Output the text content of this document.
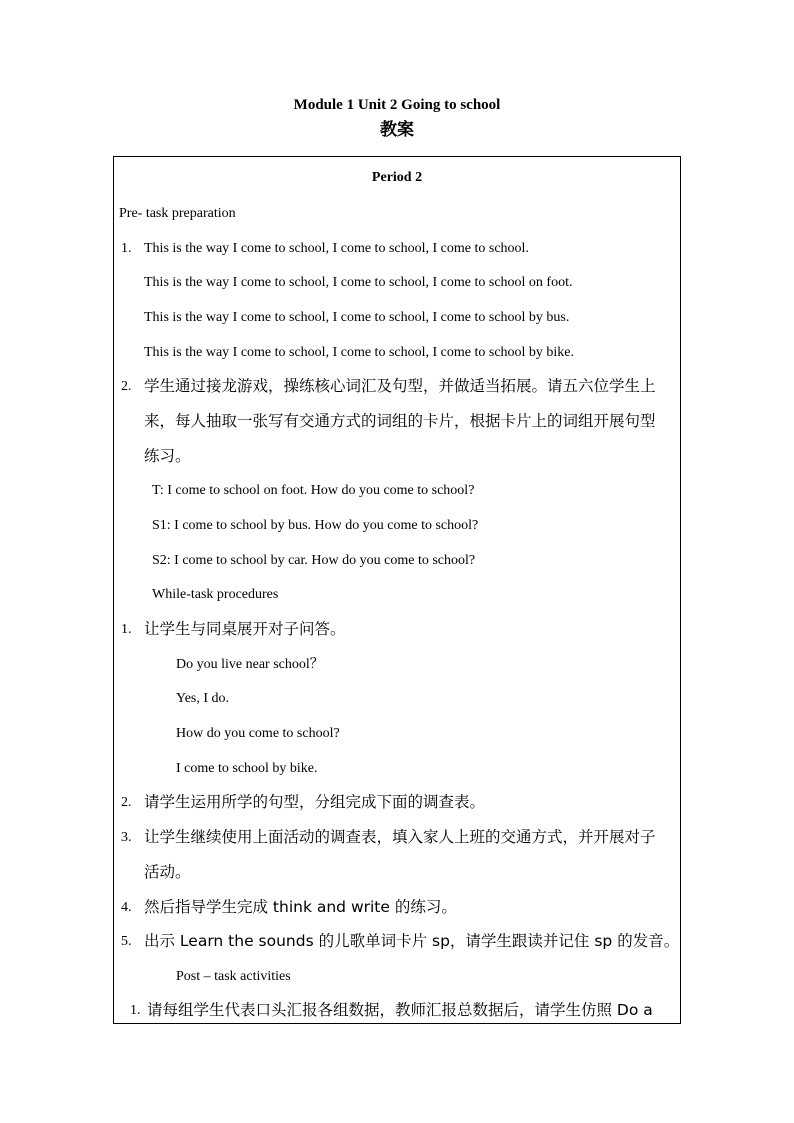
Module 1 Unit 2 Going to school
教案
Period 2
Pre- task preparation
1. This is the way I come to school, I come to school, I come to school.
This is the way I come to school, I come to school, I come to school on foot.
This is the way I come to school, I come to school, I come to school by bus.
This is the way I come to school, I come to school, I come to school by bike.
2. 学生通过接龙游戏，操练核心词汇及句型，并做适当拓展。请五六位学生上
来，每人抽取一张写有交通方式的词组的卡片，根据卡片上的词组开展句型
练习。
T: I come to school on foot. How do you come to school?
S1: I come to school by bus. How do you come to school?
S2: I come to school by car. How do you come to school?
While-task procedures
1. 让学生与同桌展开对子问答。
Do you live near school？
Yes, I do.
How do you come to school?
I come to school by bike.
2. 请学生运用所学的句型，分组完成下面的调查表。
3. 让学生继续使用上面活动的调查表，填入家人上班的交通方式，并开展对子
活动。
4. 然后指导学生完成 think and write 的练习。
5. 出示 Learn the sounds 的儿歌单词卡片 sp，请学生跟读并记住 sp 的发音。
Post – task activities
1. 请每组学生代表口头汇报各组数据，教师汇报总数据后，请学生仿照 Do a
